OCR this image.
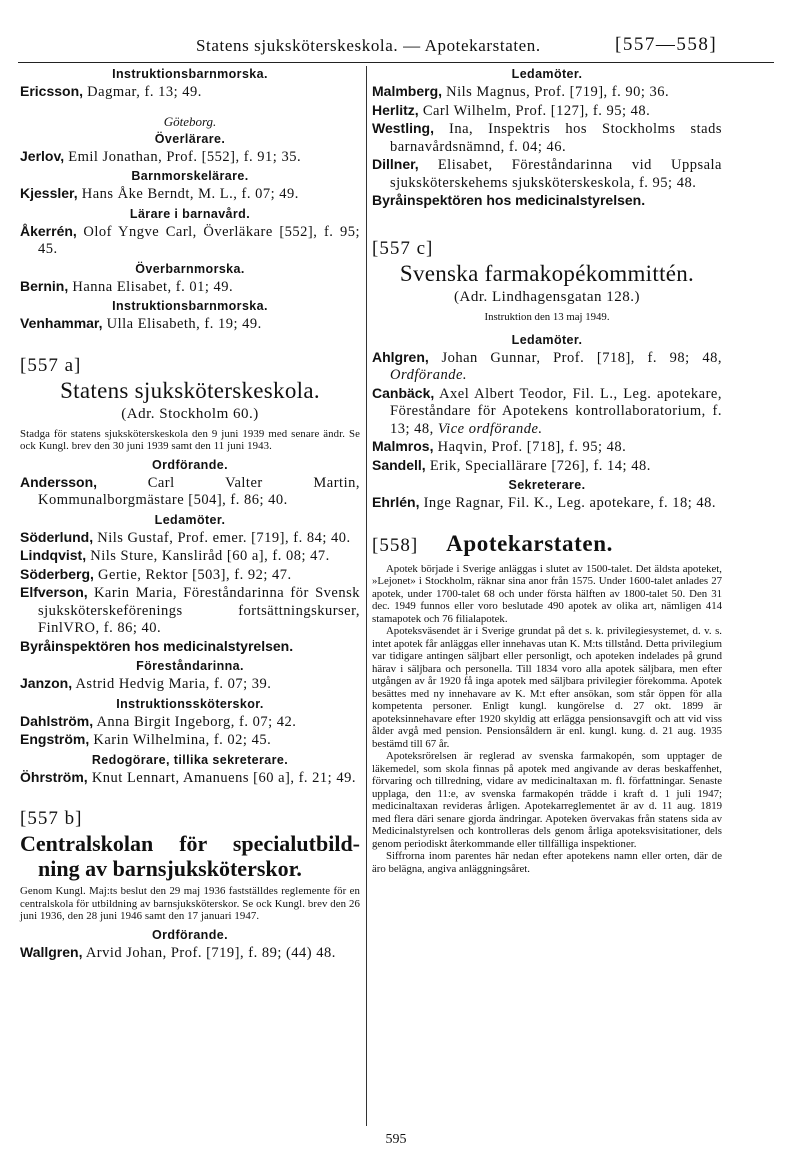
Statens sjuksköterskeskola. — Apotekarstaten.	[557—558]
Instruktionsbarnmorska.
Ericsson, Dagmar, f. 13; 49.
Göteborg.
Överlärare.
Jerlov, Emil Jonathan, Prof. [552], f. 91; 35.
Barnmorskelärare.
Kjessler, Hans Åke Berndt, M. L., f. 07; 49.
Lärare i barnavård.
Åkerrén, Olof Yngve Carl, Överläkare [552], f. 95; 45.
Överbarnmorska.
Bernin, Hanna Elisabet, f. 01; 49.
Instruktionsbarnmorska.
Venhammar, Ulla Elisabeth, f. 19; 49.
[557 a]
Statens sjuksköterskeskola.
(Adr. Stockholm 60.)
Stadga för statens sjuksköterskeskola den 9 juni 1939 med senare ändr. Se ock Kungl. brev den 30 juni 1939 samt den 11 juni 1943.
Ordförande.
Andersson, Carl Valter Martin, Kommunalborgmästare [504], f. 86; 40.
Ledamöter.
Söderlund, Nils Gustaf, Prof. emer. [719], f. 84; 40.
Lindqvist, Nils Sture, Kanslіråd [60 a], f. 08; 47.
Söderberg, Gertie, Rektor [503], f. 92; 47.
Elfverson, Karin Maria, Föreståndarinna för Svensk sjuksköterskeförenings fortsättningskurser, FinlVRO, f. 86; 40.
Byråinspektören hos medicinalstyrelsen.
Föreståndarinna.
Janzon, Astrid Hedvig Maria, f. 07; 39.
Instruktionssköterskor.
Dahlström, Anna Birgit Ingeborg, f. 07; 42.
Engström, Karin Wilhelmina, f. 02; 45.
Redogörare, tillika sekreterare.
Öhrström, Knut Lennart, Amanuens [60 a], f. 21; 49.
[557 b]
Centralskolan för specialutbild-
ning av barnsjuksköterskor.
Genom Kungl. Maj:ts beslut den 29 maj 1936 fastställdes reglemente för en centralskola för utbildning av barnsjuksköterskor. Se ock Kungl. brev den 26 juni 1936, den 28 juni 1946 samt den 17 januari 1947.
Ordförande.
Wallgren, Arvid Johan, Prof. [719], f. 89; (44) 48.
Ledamöter.
Malmberg, Nils Magnus, Prof. [719], f. 90; 36.
Herlitz, Carl Wilhelm, Prof. [127], f. 95; 48.
Westling, Ina, Inspektris hos Stockholms stads barnavårdsnämnd, f. 04; 46.
Dillner, Elisabet, Föreståndarinna vid Uppsala sjuksköterskehems sjuksköterskeskola, f. 95; 48.
Byråinspektören hos medicinalstyrelsen.
[557 c]
Svenska farmakopékommittén.
(Adr. Lindhagensgatan 128.)
Instruktion den 13 maj 1949.
Ledamöter.
Ahlgren, Johan Gunnar, Prof. [718], f. 98; 48, Ordförande.
Canbäck, Axel Albert Teodor, Fil. L., Leg. apotekare, Föreståndare för Apotekens kontrollaboratorium, f. 13; 48, Vice ordförande.
Malmros, Haqvin, Prof. [718], f. 95; 48.
Sandell, Erik, Speciallärare [726], f. 14; 48.
Sekreterare.
Ehrlén, Inge Ragnar, Fil. K., Leg. apotekare, f. 18; 48.
[558] Apotekarstaten.
Apotek började i Sverige anläggas i slutet av 1500-talet. Det äldsta apoteket, »Lejonet» i Stockholm, räknar sina anor från 1575. Under 1600-talet anlades 27 apotek, under 1700-talet 68 och under första hälften av 1800-talet 50. Den 31 dec. 1949 funnos eller voro beslutade 490 apotek av olika art, nämligen 414 stamapotek och 76 filialapotek.
Apoteksväsendet är i Sverige grundat på det s. k. privilegiesystemet, d. v. s. intet apotek får anläggas eller innehavas utan K. M:ts tillstånd. Detta privilegium var tidigare antingen säljbart eller personligt, och apoteken indelades på grund härav i säljbara och personella. Till 1834 voro alla apotek säljbara, men efter utgången av år 1920 få inga apotek med säljbara privilegier förekomma. Apotek besättes med ny innehavare av K. M:t efter ansökan, som står öppen för alla kompetenta personer. Enligt kungl. kungörelse d. 27 okt. 1899 är apoteksinnehavare efter 1920 skyldig att erlägga pensionsavgift och att vid viss ålder avgå med pension. Pensionsåldern är enl. kungl. kung. d. 21 aug. 1935 bestämd till 67 år.
Apoteksrörelsen är reglerad av svenska farmakopén, som upptager de läkemedel, som skola finnas på apotek med angivande av deras beskaffenhet, förvaring och tillredning, vidare av medicinaltaxan m. fl. författningar. Senaste upplaga, den 11:e, av svenska farmakopén trädde i kraft d. 1 juli 1947; medicinaltaxan revideras årligen. Apotekarreglementet är av d. 11 aug. 1819 med flera däri senare gjorda ändringar. Apoteken övervakas från statens sida av Medicinalstyrelsen och kontrolleras dels genom årliga apoteksvisitationer, dels genom periodiskt återkommande eller tillfälliga inspektioner.
Siffrorna inom parentes här nedan efter apotekens namn eller orten, där de äro belägna, angiva anläggningsåret.
595
